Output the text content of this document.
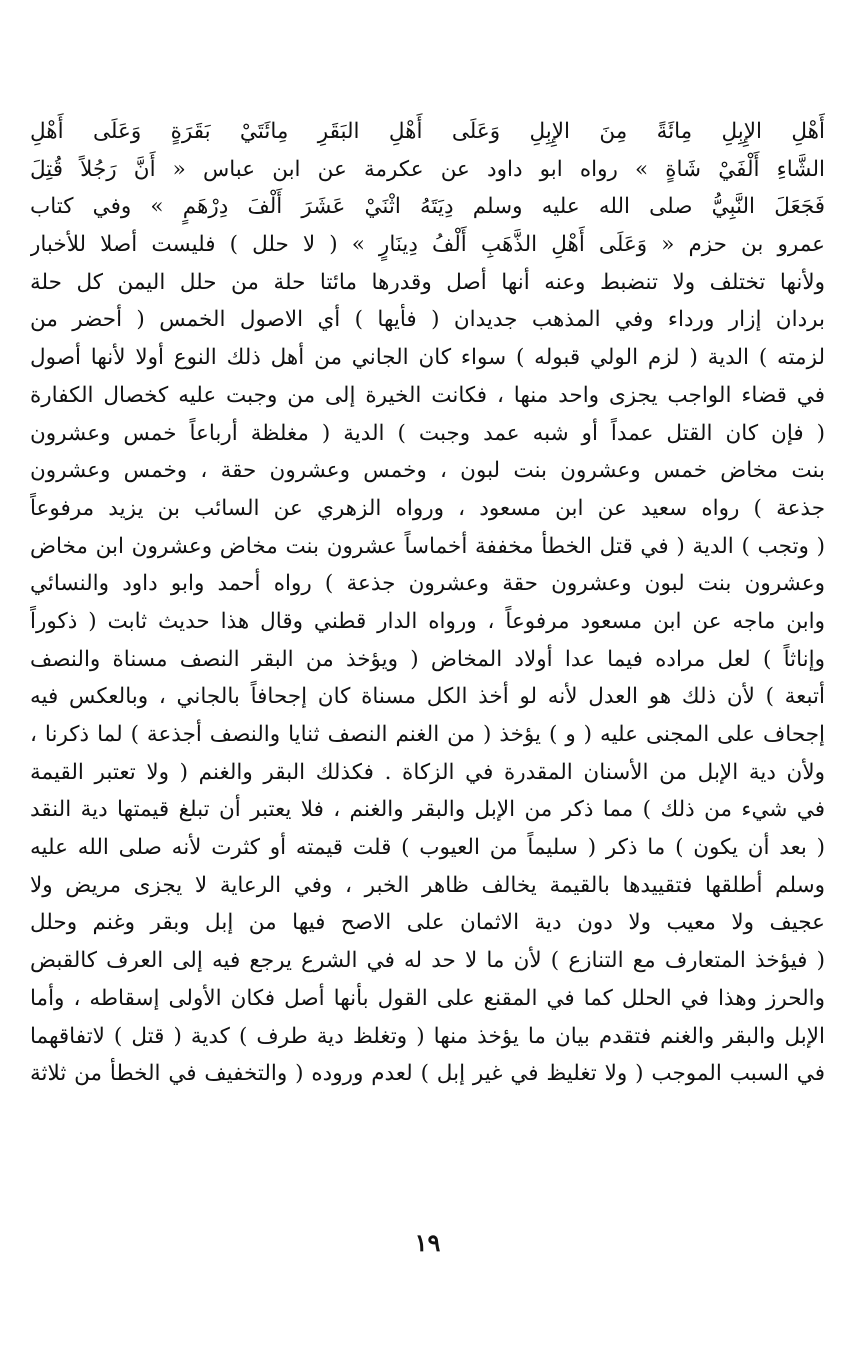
أَهْلِ الإِبِلِ مِائَةً مِنَ الإِبِلِ وَعَلَى أَهْلِ البَقَرِ مِائَتَيْ بَقَرَةٍ وَعَلَى أَهْلِ
الشَّاءِ أَلْفَيْ شَاةٍ » رواه ابو داود عن عكرمة عن ابن عباس « أَنَّ رَجُلاً قُتِلَ
فَجَعَلَ النَّبِيُّ صلى الله عليه وسلم دِيَتَهُ اثْنَيْ عَشَرَ أَلْفَ دِرْهَمٍ » وفي كتاب
عمرو بن حزم « وَعَلَى أَهْلِ الذَّهَبِ أَلْفُ دِينَارٍ » ( لا حلل ) فليست أصلا للأخبار
ولأنها تختلف ولا تنضبط وعنه أنها أصل وقدرها مائتا حلة من حلل اليمن كل حلة
بردان إزار ورداء وفي المذهب جديدان ( فأيها ) أي الاصول الخمس ( أحضر من
لزمته ) الدية ( لزم الولي قبوله ) سواء كان الجاني من أهل ذلك النوع أولا لأنها أصول
في قضاء الواجب يجزى واحد منها ، فكانت الخيرة إلى من وجبت عليه كخصال الكفارة
( فإن كان القتل عمداً أو شبه عمد وجبت ) الدية ( مغلظة أرباعاً خمس وعشرون
بنت مخاض خمس وعشرون بنت لبون ، وخمس وعشرون حقة ، وخمس وعشرون
جذعة ) رواه سعيد عن ابن مسعود ، ورواه الزهري عن السائب بن يزيد مرفوعاً
( وتجب ) الدية ( في قتل الخطأ مخففة أخماساً عشرون بنت مخاض وعشرون ابن مخاض
وعشرون بنت لبون وعشرون حقة وعشرون جذعة ) رواه أحمد وابو داود والنسائي
وابن ماجه عن ابن مسعود مرفوعاً ، ورواه الدار قطني وقال هذا حديث ثابت ( ذكوراً
وإناثاً ) لعل مراده فيما عدا أولاد المخاض ( ويؤخذ من البقر النصف مسناة والنصف
أتبعة ) لأن ذلك هو العدل لأنه لو أخذ الكل مسناة كان إجحافاً بالجاني ، وبالعكس فيه
إجحاف على المجنى عليه ( و ) يؤخذ ( من الغنم النصف ثنايا والنصف أجذعة ) لما ذكرنا ،
ولأن دية الإبل من الأسنان المقدرة في الزكاة . فكذلك البقر والغنم ( ولا تعتبر القيمة
في شيء من ذلك ) مما ذكر من الإبل والبقر والغنم ، فلا يعتبر أن تبلغ قيمتها دية النقد
( بعد أن يكون ) ما ذكر ( سليماً من العيوب ) قلت قيمته أو كثرت لأنه صلى الله عليه
وسلم أطلقها فتقييدها بالقيمة يخالف ظاهر الخبر ، وفي الرعاية لا يجزى مريض ولا
عجيف ولا معيب ولا دون دية الاثمان على الاصح فيها من إبل وبقر وغنم وحلل
( فيؤخذ المتعارف مع التنازع ) لأن ما لا حد له في الشرع يرجع فيه إلى العرف كالقبض
والحرز وهذا في الحلل كما في المقنع على القول بأنها أصل فكان الأولى إسقاطه ، وأما
الإبل والبقر والغنم فتقدم بيان ما يؤخذ منها ( وتغلظ دية طرف ) كدية ( قتل ) لاتفاقهما
في السبب الموجب ( ولا تغليظ في غير إبل ) لعدم وروده ( والتخفيف في الخطأ من ثلاثة
١٩
